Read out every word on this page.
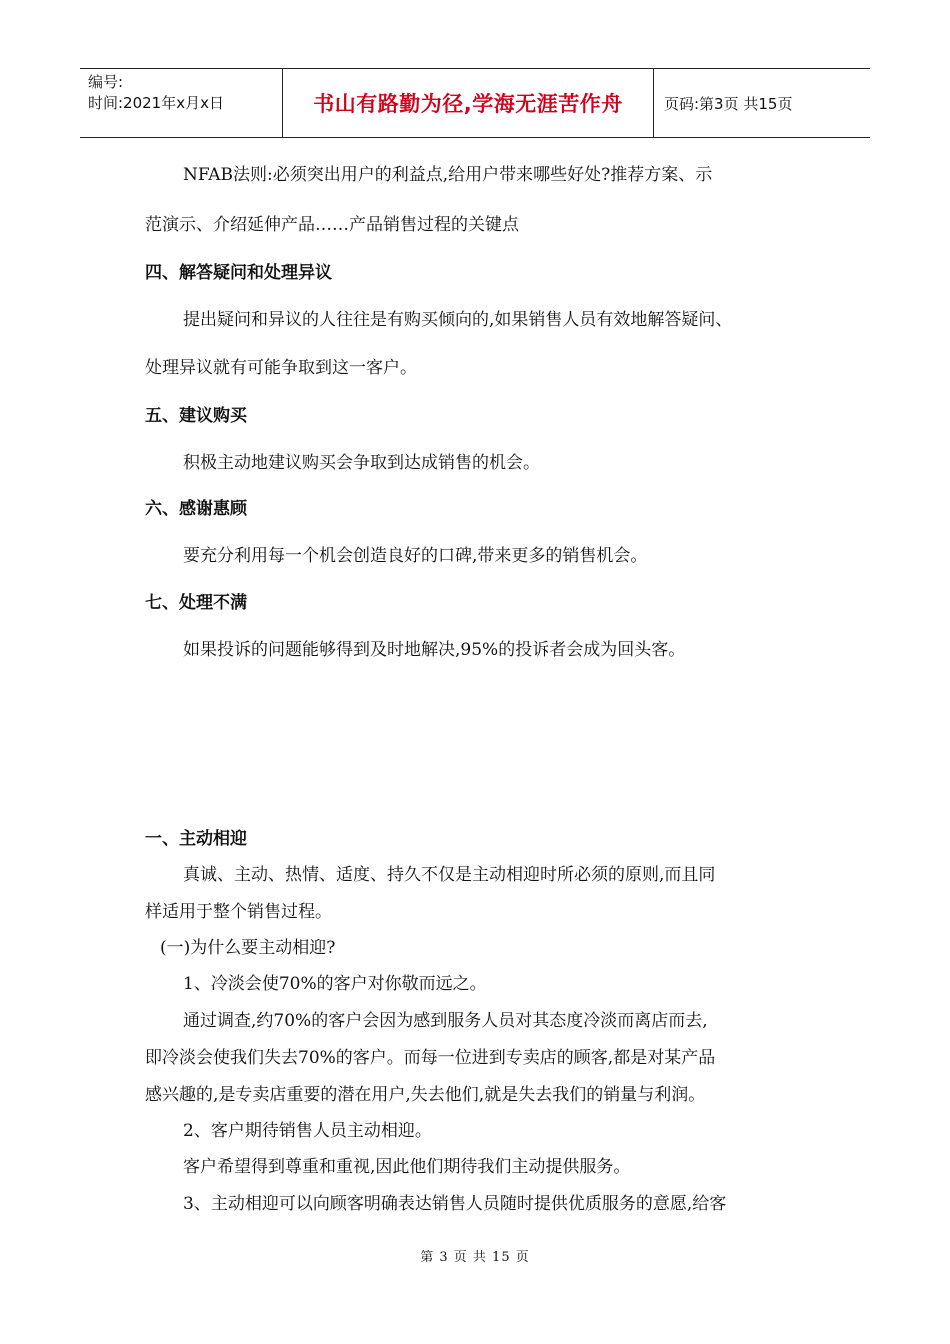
编号:
时间:2021年x月x日	书山有路勤为径,学海无涯苦作舟	页码:第3页 共15页
NFAB法则:必须突出用户的利益点,给用户带来哪些好处?推荐方案、示
范演示、介绍延伸产品……产品销售过程的关键点
四、解答疑问和处理异议
提出疑问和异议的人往往是有购买倾向的,如果销售人员有效地解答疑问、
处理异议就有可能争取到这一客户。
五、建议购买
积极主动地建议购买会争取到达成销售的机会。
六、感谢惠顾
要充分利用每一个机会创造良好的口碑,带来更多的销售机会。
七、处理不满
如果投诉的问题能够得到及时地解决,95%的投诉者会成为回头客。
一、主动相迎
真诚、主动、热情、适度、持久不仅是主动相迎时所必须的原则,而且同
样适用于整个销售过程。
(一)为什么要主动相迎?
1、冷淡会使70%的客户对你敬而远之。
通过调查,约70%的客户会因为感到服务人员对其态度冷淡而离店而去,
即冷淡会使我们失去70%的客户。而每一位进到专卖店的顾客,都是对某产品
感兴趣的,是专卖店重要的潜在用户,失去他们,就是失去我们的销量与利润。
2、客户期待销售人员主动相迎。
客户希望得到尊重和重视,因此他们期待我们主动提供服务。
3、主动相迎可以向顾客明确表达销售人员随时提供优质服务的意愿,给客
第 3 页 共 15 页
